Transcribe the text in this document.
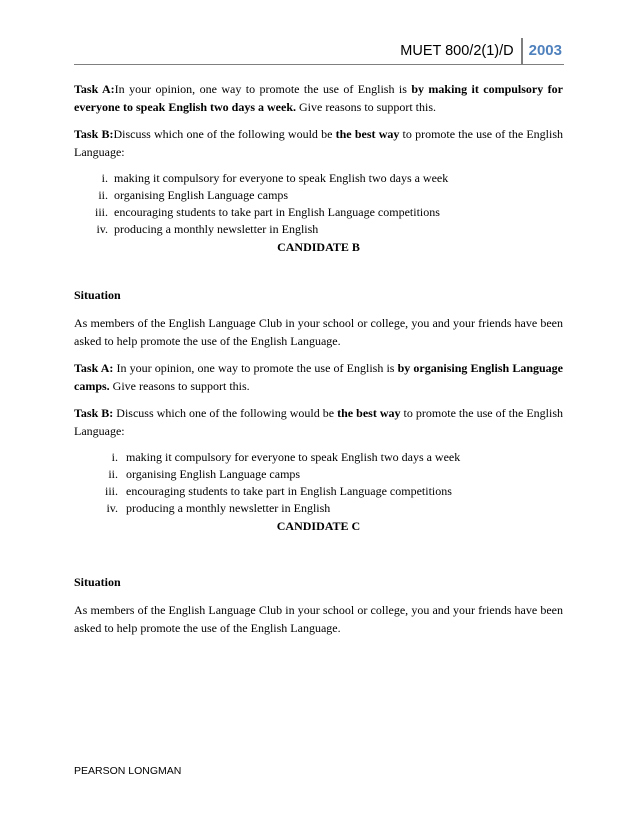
MUET 800/2(1)/D	2003

Task A:In your opinion, one way to promote the use of English is by making it compulsory for everyone to speak English two days a week. Give reasons to support this.

Task B:Discuss which one of the following would be the best way to promote the use of the English Language:

i. making it compulsory for everyone to speak English two days a week
ii. organising English Language camps
iii. encouraging students to take part in English Language competitions
iv. producing a monthly newsletter in English

CANDIDATE B

Situation

As members of the English Language Club in your school or college, you and your friends have been asked to help promote the use of the English Language.

Task A: In your opinion, one way to promote the use of English is by organising English Language camps. Give reasons to support this.

Task B: Discuss which one of the following would be the best way to promote the use of the English Language:

i. making it compulsory for everyone to speak English two days a week
ii. organising English Language camps
iii. encouraging students to take part in English Language competitions
iv. producing a monthly newsletter in English

CANDIDATE C

Situation

As members of the English Language Club in your school or college, you and your friends have been asked to help promote the use of the English Language.

PEARSON LONGMAN
